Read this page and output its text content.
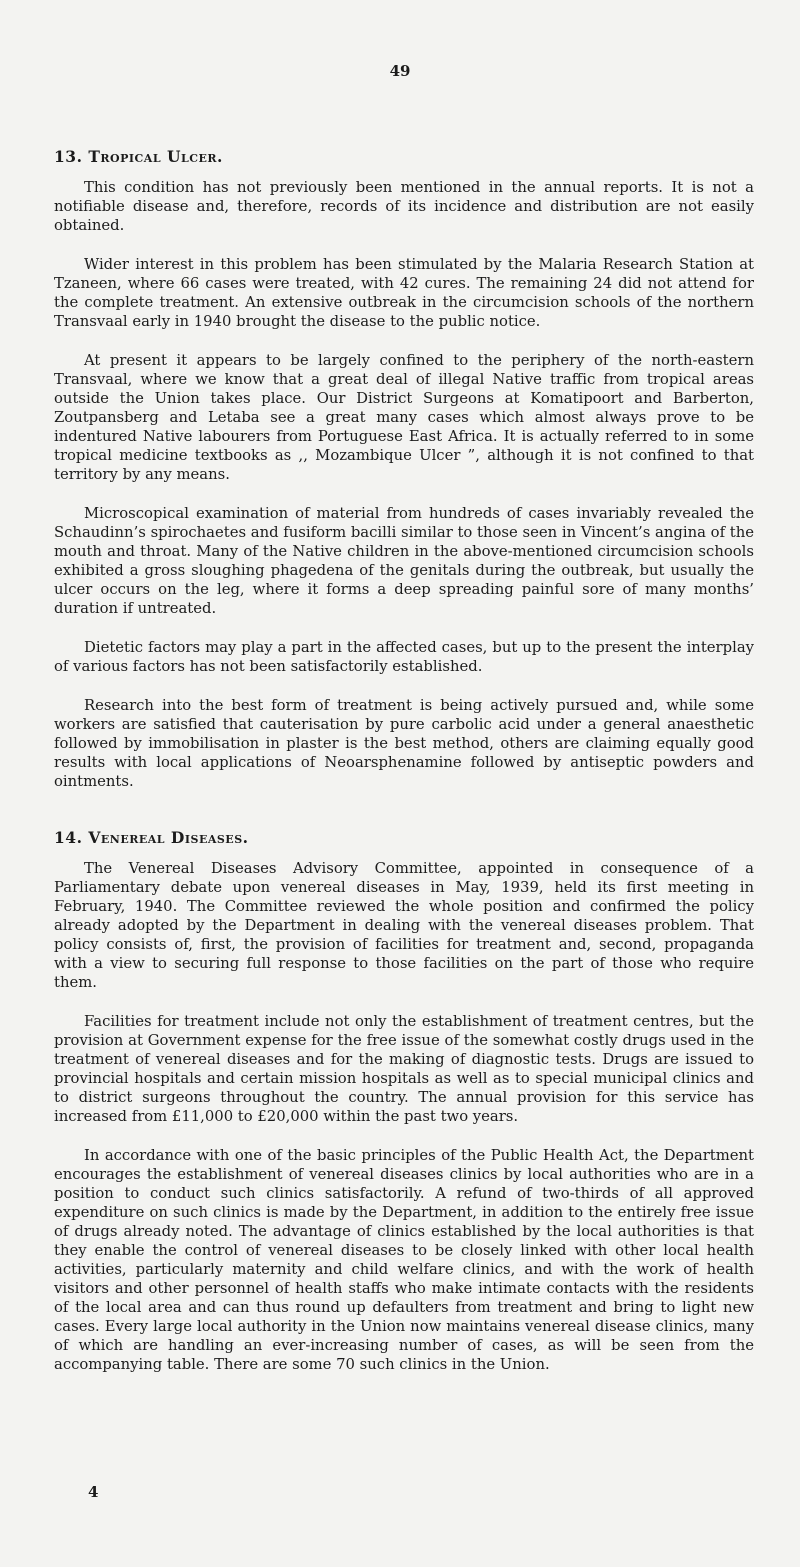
49
13. Tropical Ulcer.

This condition has not previously been mentioned in the annual reports. It is not a notifiable disease and, therefore, records of its incidence and distribution are not easily obtained.

Wider interest in this problem has been stimulated by the Malaria Research Station at Tzaneen, where 66 cases were treated, with 42 cures. The remaining 24 did not attend for the complete treatment. An extensive outbreak in the circumcision schools of the northern Transvaal early in 1940 brought the disease to the public notice.

At present it appears to be largely confined to the periphery of the north-eastern Transvaal, where we know that a great deal of illegal Native traffic from tropical areas outside the Union takes place. Our District Surgeons at Komatipoort and Barberton, Zoutpansberg and Letaba see a great many cases which almost always prove to be indentured Native labourers from Portuguese East Africa. It is actually referred to in some tropical medicine textbooks as ,, Mozambique Ulcer ”, although it is not confined to that territory by any means.

Microscopical examination of material from hundreds of cases invariably revealed the Schaudinn’s spirochaetes and fusiform bacilli similar to those seen in Vincent’s angina of the mouth and throat. Many of the Native children in the above-mentioned circumcision schools exhibited a gross sloughing phagedena of the genitals during the outbreak, but usually the ulcer occurs on the leg, where it forms a deep spreading painful sore of many months’ duration if untreated.

Dietetic factors may play a part in the affected cases, but up to the present the interplay of various factors has not been satisfactorily established.

Research into the best form of treatment is being actively pursued and, while some workers are satisfied that cauterisation by pure carbolic acid under a general anaesthetic followed by immobilisation in plaster is the best method, others are claiming equally good results with local applications of Neoarsphenamine followed by antiseptic powders and ointments.

14. Venereal Diseases.

The Venereal Diseases Advisory Committee, appointed in consequence of a Parliamentary debate upon venereal diseases in May, 1939, held its first meeting in February, 1940. The Committee reviewed the whole position and confirmed the policy already adopted by the Department in dealing with the venereal diseases problem. That policy consists of, first, the provision of facilities for treatment and, second, propaganda with a view to securing full response to those facilities on the part of those who require them.

Facilities for treatment include not only the establishment of treatment centres, but the provision at Government expense for the free issue of the somewhat costly drugs used in the treatment of venereal diseases and for the making of diagnostic tests. Drugs are issued to provincial hospitals and certain mission hospitals as well as to special municipal clinics and to district surgeons throughout the country. The annual provision for this service has increased from £11,000 to £20,000 within the past two years.

In accordance with one of the basic principles of the Public Health Act, the Department encourages the establishment of venereal diseases clinics by local authorities who are in a position to conduct such clinics satisfactorily. A refund of two-thirds of all approved expenditure on such clinics is made by the Department, in addition to the entirely free issue of drugs already noted. The advantage of clinics established by the local authorities is that they enable the control of venereal diseases to be closely linked with other local health activities, particularly maternity and child welfare clinics, and with the work of health visitors and other personnel of health staffs who make intimate contacts with the residents of the local area and can thus round up defaulters from treatment and bring to light new cases. Every large local authority in the Union now maintains venereal disease clinics, many of which are handling an ever-increasing number of cases, as will be seen from the accompanying table. There are some 70 such clinics in the Union.

4
